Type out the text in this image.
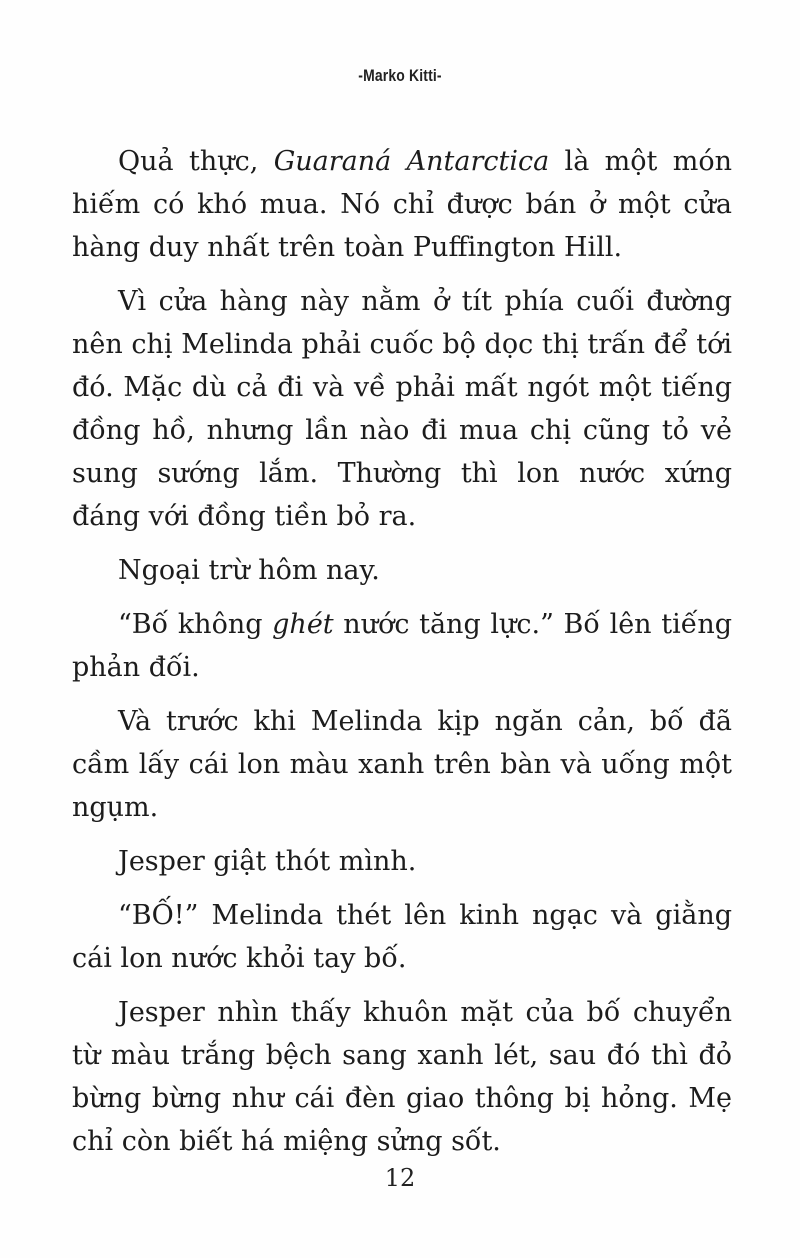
-Marko Kitti-

Quả thực, Guaraná Antarctica là một món hiếm có khó mua. Nó chỉ được bán ở một cửa hàng duy nhất trên toàn Puffington Hill.

Vì cửa hàng này nằm ở tít phía cuối đường nên chị Melinda phải cuốc bộ dọc thị trấn để tới đó. Mặc dù cả đi và về phải mất ngót một tiếng đồng hồ, nhưng lần nào đi mua chị cũng tỏ vẻ sung sướng lắm. Thường thì lon nước xứng đáng với đồng tiền bỏ ra.

Ngoại trừ hôm nay.

“Bố không ghét nước tăng lực.” Bố lên tiếng phản đối.

Và trước khi Melinda kịp ngăn cản, bố đã cầm lấy cái lon màu xanh trên bàn và uống một ngụm.

Jesper giật thót mình.

“BỐ!” Melinda thét lên kinh ngạc và giằng cái lon nước khỏi tay bố.

Jesper nhìn thấy khuôn mặt của bố chuyển từ màu trắng bệch sang xanh lét, sau đó thì đỏ bừng bừng như cái đèn giao thông bị hỏng. Mẹ chỉ còn biết há miệng sửng sốt.

12
